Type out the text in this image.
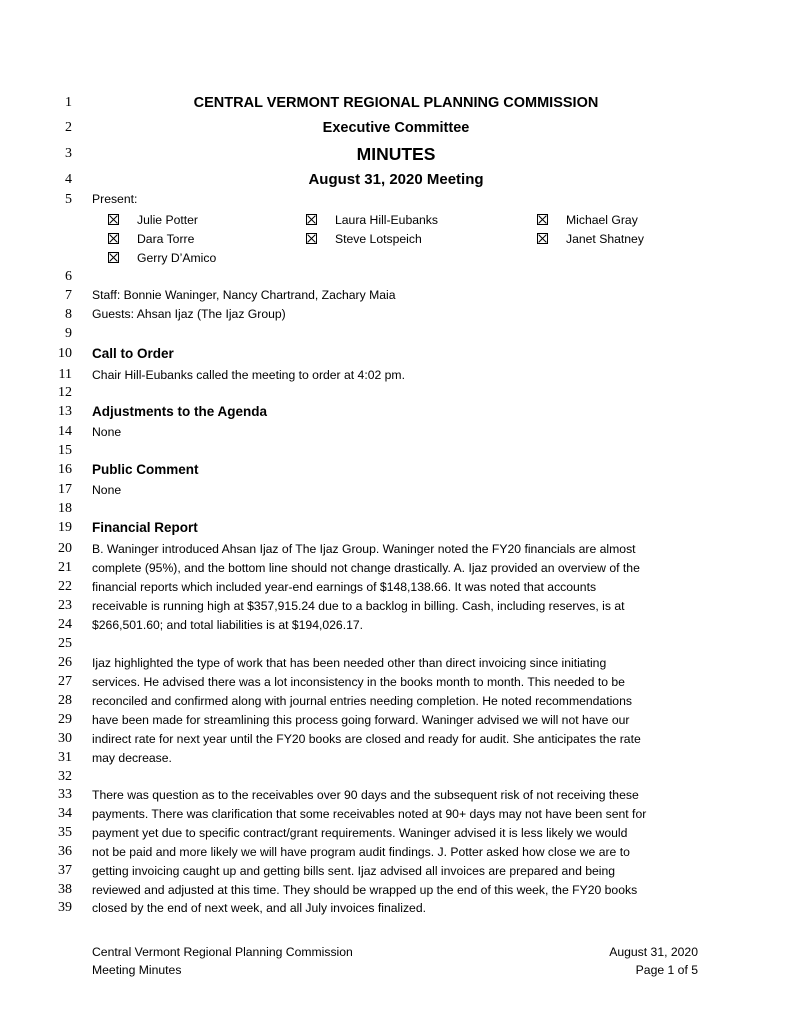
1
2
3
4
5
6
7
8
9
10
11
12
13
14
15
16
17
18
19
20
21
22
23
24
25
26
27
28
29
30
31
32
33
34
35
36
37
38
39
CENTRAL VERMONT REGIONAL PLANNING COMMISSION
Executive Committee
MINUTES
August 31, 2020 Meeting
Present:
Julie Potter	Laura Hill-Eubanks	Michael Gray
Dara Torre	Steve Lotspeich	Janet Shatney
Gerry D’Amico
Staff: Bonnie Waninger, Nancy Chartrand, Zachary Maia
Guests: Ahsan Ijaz (The Ijaz Group)
Call to Order
Chair Hill-Eubanks called the meeting to order at 4:02 pm.
Adjustments to the Agenda
None
Public Comment
None
Financial Report
B. Waninger introduced Ahsan Ijaz of The Ijaz Group. Waninger noted the FY20 financials are almost
complete (95%), and the bottom line should not change drastically. A. Ijaz provided an overview of the
financial reports which included year-end earnings of $148,138.66. It was noted that accounts
receivable is running high at $357,915.24 due to a backlog in billing. Cash, including reserves, is at
$266,501.60; and total liabilities is at $194,026.17.
Ijaz highlighted the type of work that has been needed other than direct invoicing since initiating
services. He advised there was a lot inconsistency in the books month to month. This needed to be
reconciled and confirmed along with journal entries needing completion. He noted recommendations
have been made for streamlining this process going forward. Waninger advised we will not have our
indirect rate for next year until the FY20 books are closed and ready for audit. She anticipates the rate
may decrease.
There was question as to the receivables over 90 days and the subsequent risk of not receiving these
payments. There was clarification that some receivables noted at 90+ days may not have been sent for
payment yet due to specific contract/grant requirements. Waninger advised it is less likely we would
not be paid and more likely we will have program audit findings. J. Potter asked how close we are to
getting invoicing caught up and getting bills sent. Ijaz advised all invoices are prepared and being
reviewed and adjusted at this time. They should be wrapped up the end of this week, the FY20 books
closed by the end of next week, and all July invoices finalized.
Central Vermont Regional Planning Commission
Meeting Minutes
August 31, 2020
Page 1 of 5
